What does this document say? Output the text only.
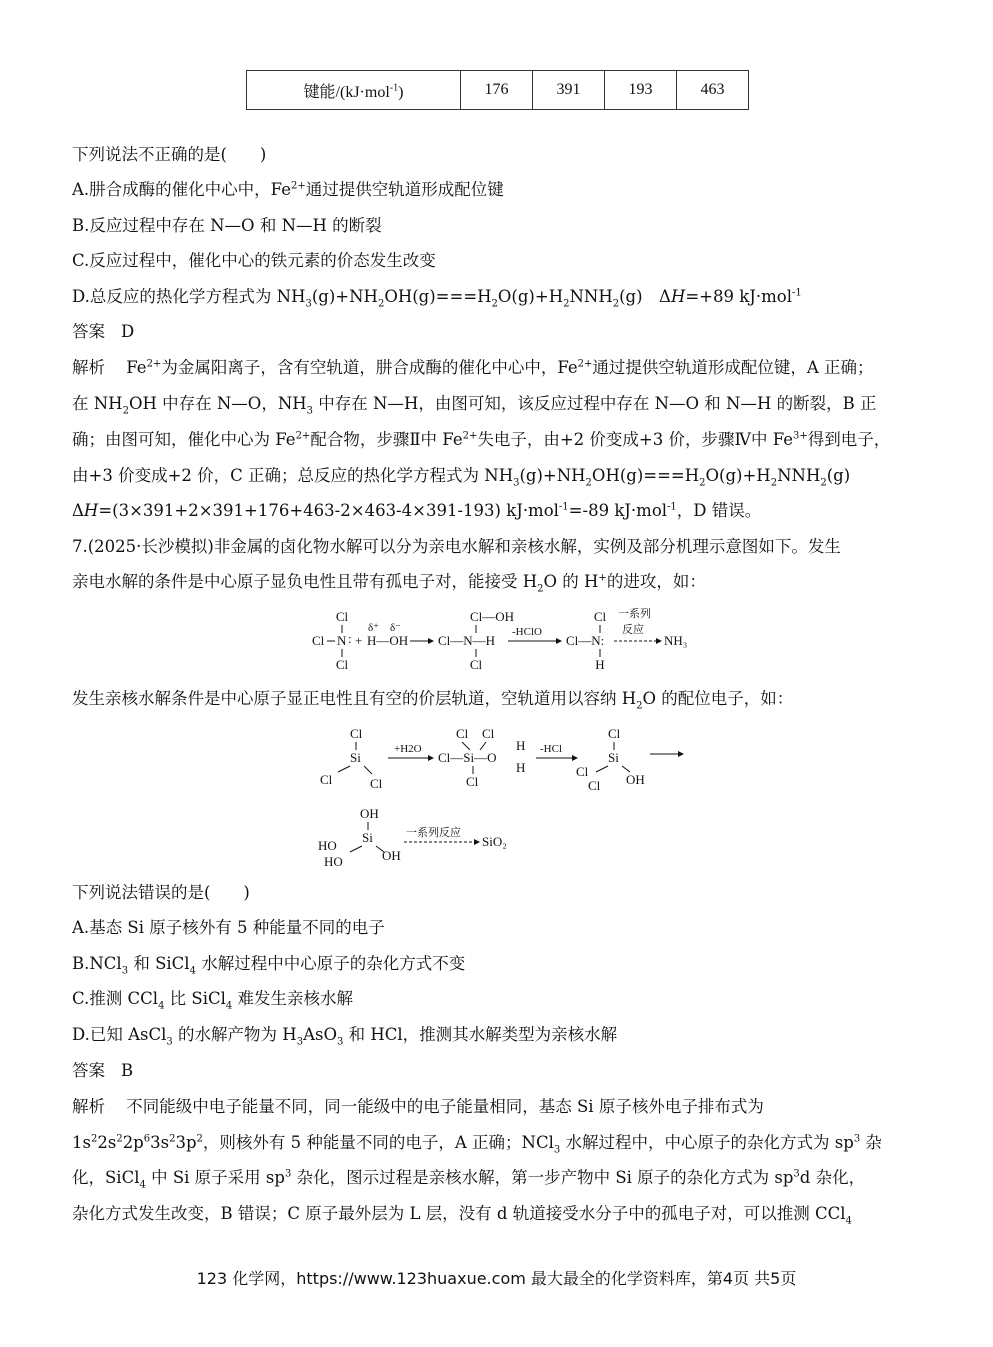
键能/(kJ·mol$^{-1}$)	176	391	193	463
下列说法不正确的是(　　)
A.肼合成酶的催化中心中，$Fe^{2+}$通过提供空轨道形成配位键
B.反应过程中存在 N—O 和 N—H 的断裂
C.反应过程中，催化中心的铁元素的价态发生改变
D.总反应的热化学方程式为 $NH_3(g)+NH_2OH(g)===H_2O(g)+H_2NNH_2(g)$　ΔH=+89 kJ·mol$^{-1}$
答案 D
解析 $Fe^{2+}$为金属阳离子，含有空轨道，肼合成酶的催化中心中，$Fe^{2+}$通过提供空轨道形成配位键，A 正确；
在 $NH_2OH$ 中存在 N—O，$NH_3$ 中存在 N—H，由图可知，该反应过程中存在 N—O 和 N—H 的断裂，B 正
确；由图可知，催化中心为 $Fe^{2+}$配合物，步骤Ⅱ中 $Fe^{2+}$失电子，由+2 价变成+3 价，步骤Ⅳ中 $Fe^{3+}$得到电子，
由+3 价变成+2 价，C 正确；总反应的热化学方程式为 $NH_3(g)+NH_2OH(g)===H_2O(g)+H_2NNH_2(g)$
ΔH=(3×391+2×391+176+463-2×463-4×391-193) kJ·mol$^{-1}$=-89 kJ·mol$^{-1}$，D 错误。
7.(2025·长沙模拟)非金属的卤化物水解可以分为亲电水解和亲核水解，实例及部分机理示意图如下。发生
亲电水解的条件是中心原子显负电性且带有孤电子对，能接受 $H_2O$ 的 H+的进攻，如：
Cl
Cl N :
Cl
+
δ⁺ δ⁻
H—OH
Cl—OH
Cl—N—H
Cl
-HClO
Cl
Cl—N:
H
一系列
反应
NH₃
发生亲核水解条件是中心原子显正电性且有空的价层轨道，空轨道用以容纳 $H_2O$ 的配位电子，如：
Cl
Si
Cl	Cl
+H2O
Cl Cl
Cl—Si—O
H
H
Cl
-HCl
Cl
Si
Cl
OH
Cl
OH
Si
HO
HO	OH
一系列反应
SiO₂
下列说法错误的是(　　)
A.基态 Si 原子核外有 5 种能量不同的电子
B.NCl$_3$ 和 SiCl$_4$ 水解过程中中心原子的杂化方式不变
C.推测 CCl$_4$ 比 SiCl$_4$ 难发生亲核水解
D.已知 AsCl$_3$ 的水解产物为 $H_3AsO_3$ 和 HCl，推测其水解类型为亲核水解
答案 B
解析 不同能级中电子能量不同，同一能级中的电子能量相同，基态 Si 原子核外电子排布式为
$1s^22s^22p^63s^23p^2$，则核外有 5 种能量不同的电子，A 正确；NCl$_3$ 水解过程中，中心原子的杂化方式为 $sp^3$ 杂
化，SiCl$_4$ 中 Si 原子采用 $sp^3$ 杂化，图示过程是亲核水解，第一步产物中 Si 原子的杂化方式为 $sp^3d$ 杂化，
杂化方式发生改变，B 错误；C 原子最外层为 L 层，没有 d 轨道接受水分子中的孤电子对，可以推测 CCl$_4$
123 化学网，https://www.123huaxue.com 最大最全的化学资料库，第4页 共5页
